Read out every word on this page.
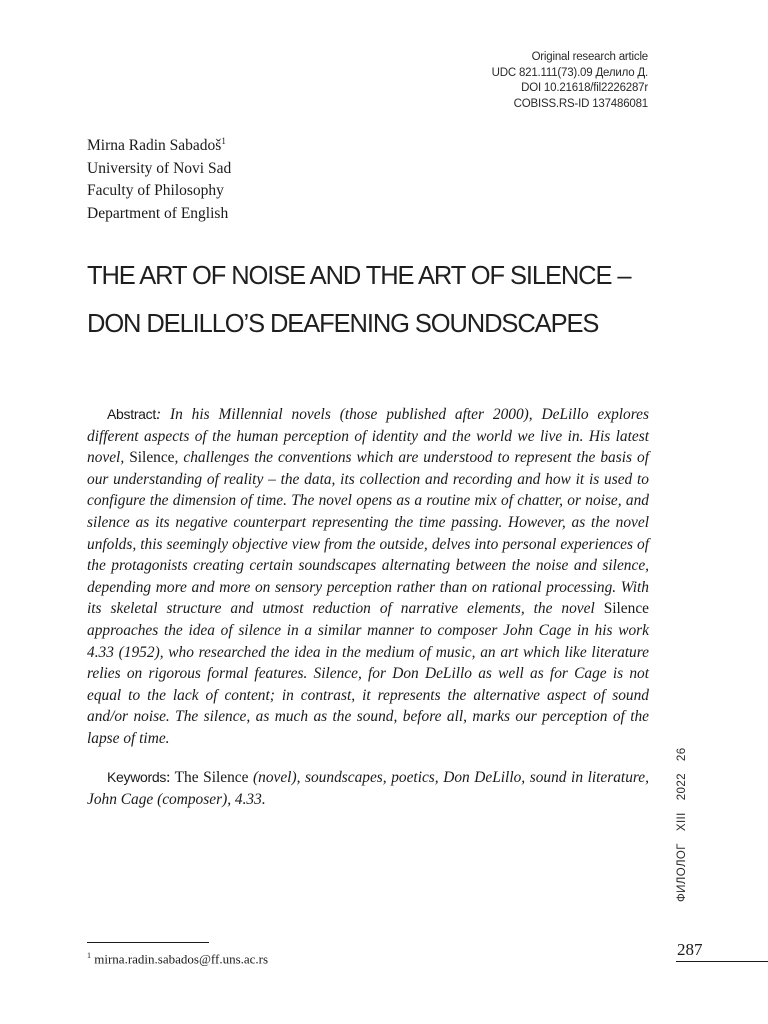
Original research article
UDC 821.111(73).09 Делило Д.
DOI 10.21618/fil2226287r
COBISS.RS-ID 137486081
Mirna Radin Sabadoš$^1$
University of Novi Sad
Faculty of Philosophy
Department of English
THE ART OF NOISE AND THE ART OF SILENCE – DON DELILLO’S DEAFENING SOUNDSCAPES

Abstract: In his Millennial novels (those published after 2000), DeLillo explores different aspects of the human perception of identity and the world we live in. His latest novel, Silence, challenges the conventions which are understood to represent the basis of our understanding of reality – the data, its collection and recording and how it is used to configure the dimension of time. The novel opens as a routine mix of chatter, or noise, and silence as its negative counterpart representing the time passing. However, as the novel unfolds, this seemingly objective view from the outside, delves into personal experiences of the protagonists creating certain soundscapes alternating between the noise and silence, depending more and more on sensory perception rather than on rational processing. With its skeletal structure and utmost reduction of narrative elements, the novel Silence approaches the idea of silence in a similar manner to composer John Cage in his work 4.33 (1952), who researched the idea in the medium of music, an art which like literature relies on rigorous formal features. Silence, for Don DeLillo as well as for Cage is not equal to the lack of content; in contrast, it represents the alternative aspect of sound and/or noise. The silence, as much as the sound, before all, marks our perception of the lapse of time.

Keywords: The Silence (novel), soundscapes, poetics, Don DeLillo, sound in literature, John Cage (composer), 4.33.

ФИЛОЛОГXIII202226
$^1$ mirna.radin.sabados@ff.uns.ac.rs	287
